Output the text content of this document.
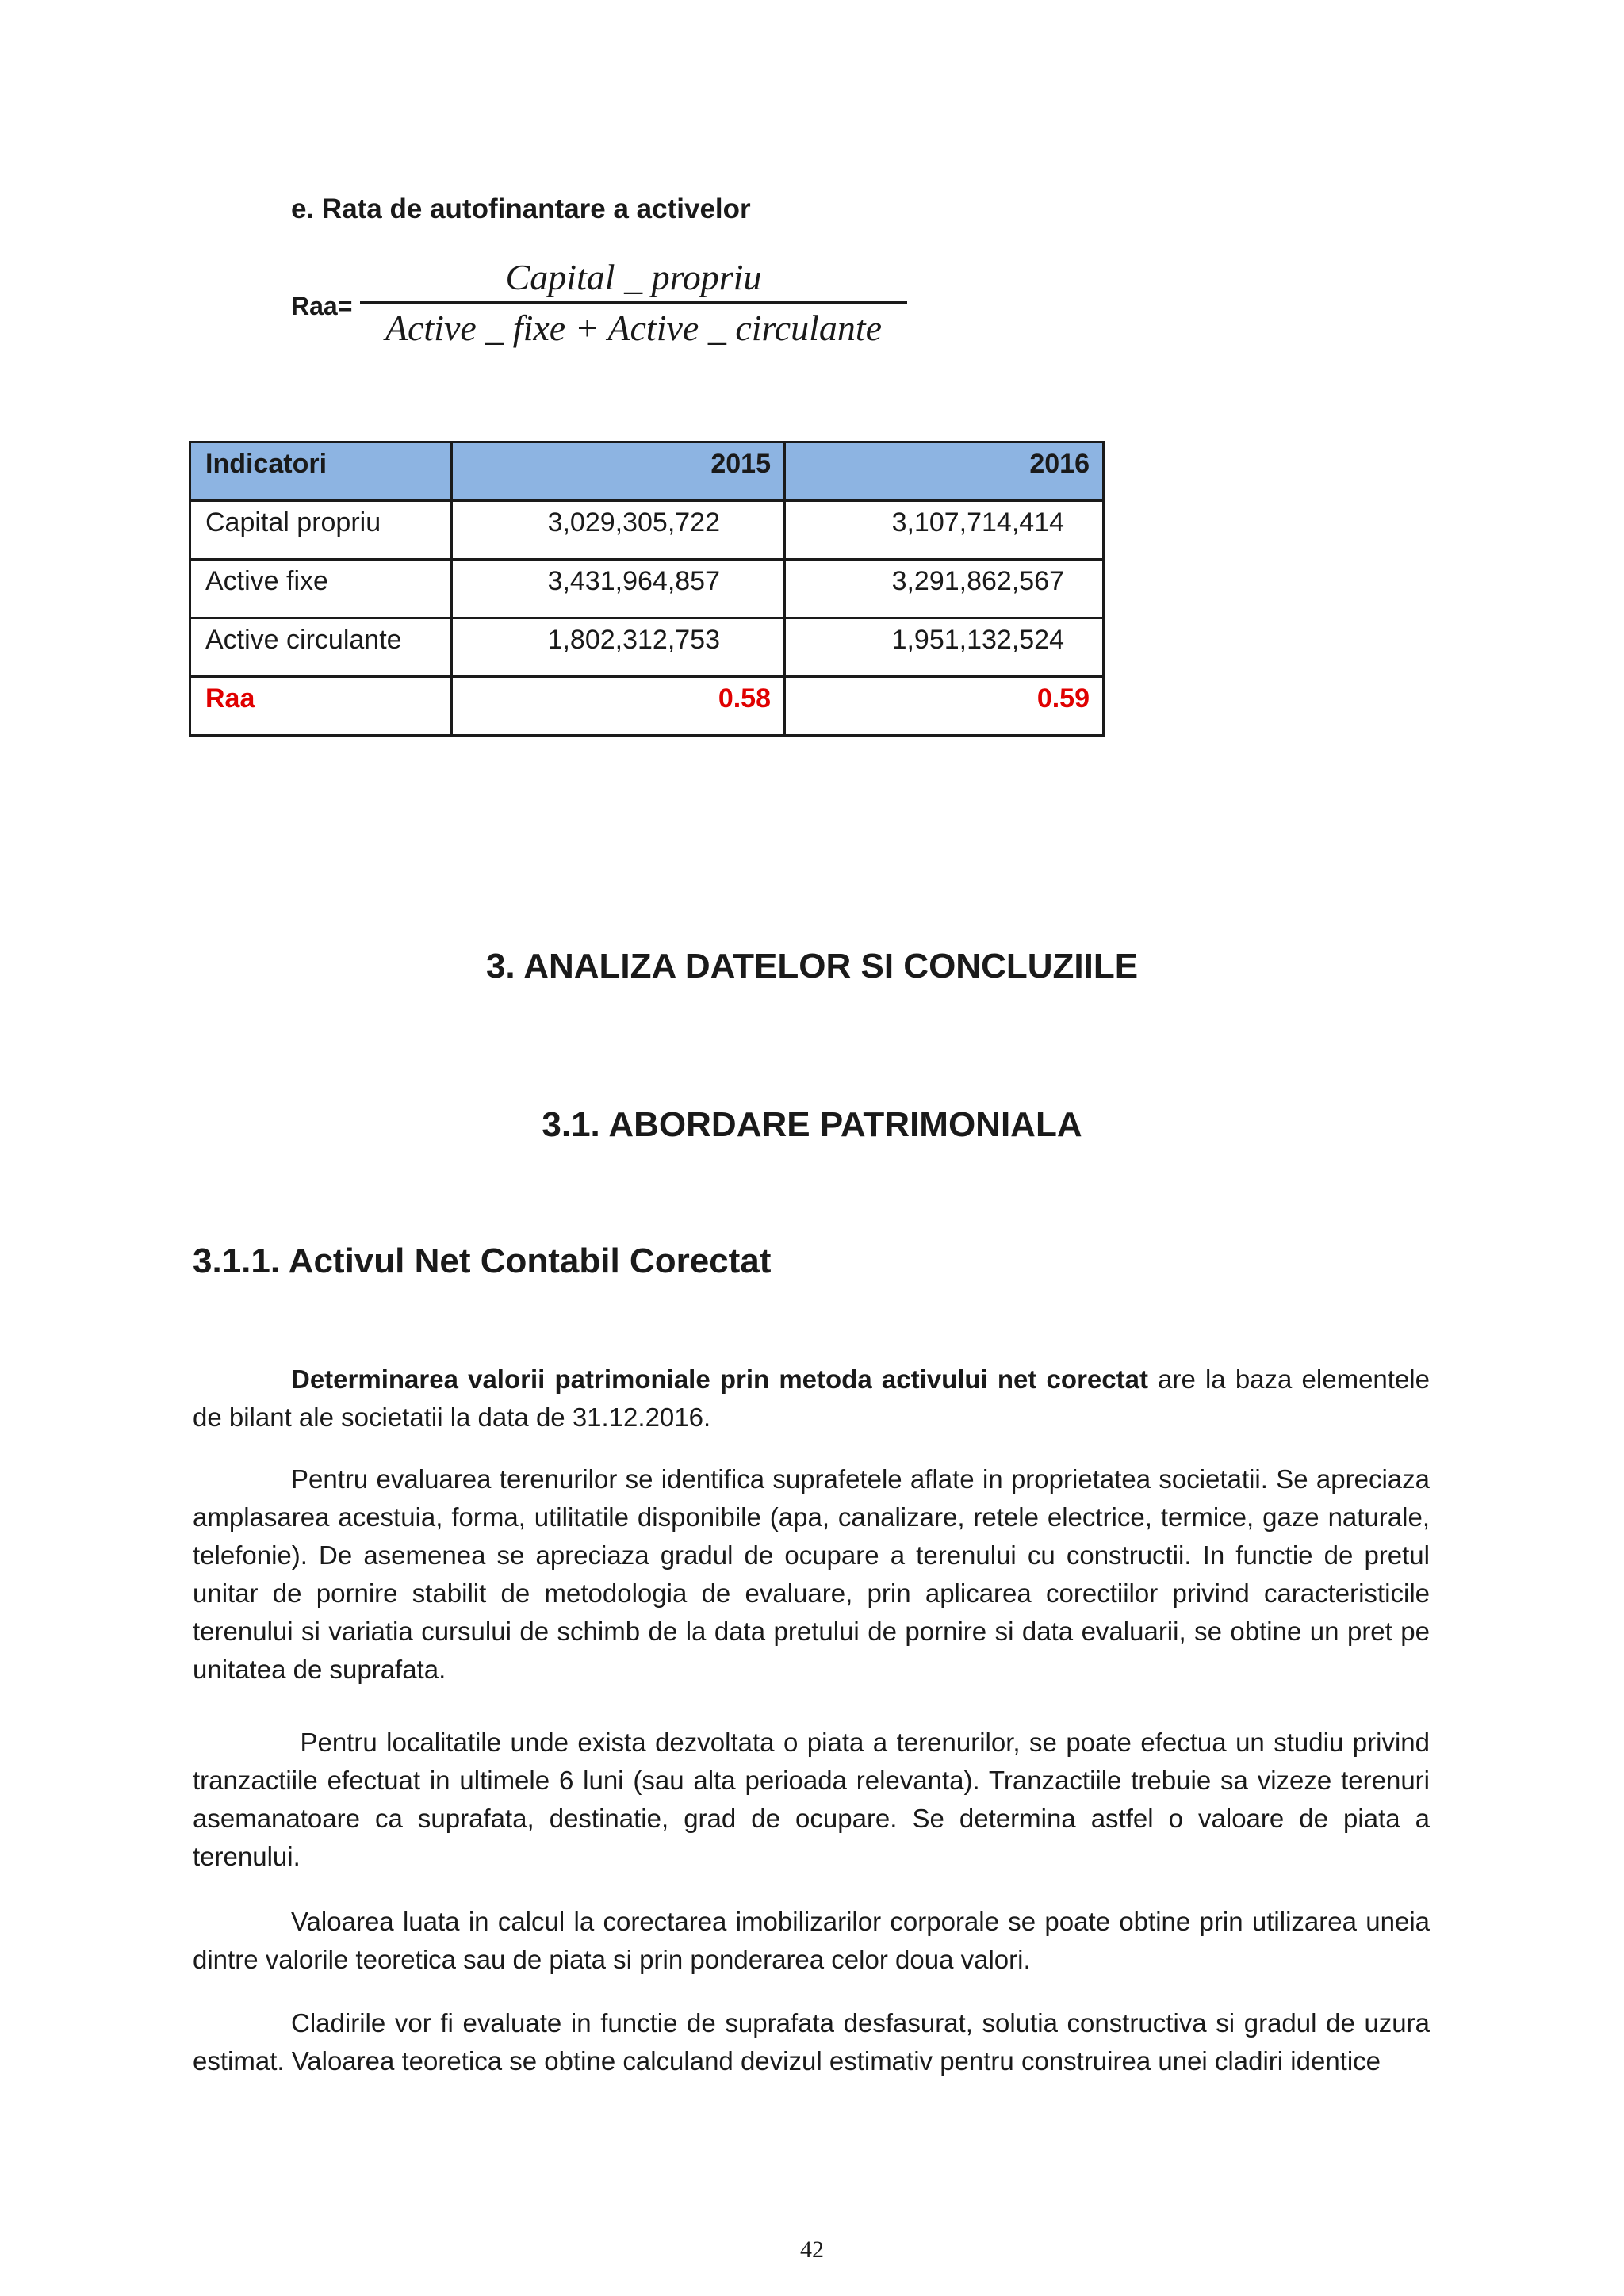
e. Rata de autofinantare a activelor
Raa=
Capital _ propriu
Active _ fixe + Active _ circulante
Indicatori	2015	2016
Capital propriu	3,029,305,722	3,107,714,414
Active fixe	3,431,964,857	3,291,862,567
Active circulante	1,802,312,753	1,951,132,524
Raa	0.58	0.59
3. ANALIZA DATELOR SI CONCLUZIILE
3.1. ABORDARE PATRIMONIALA
3.1.1. Activul Net Contabil Corectat
Determinarea valorii patrimoniale prin metoda activului net corectat are la baza elementele de bilant ale societatii la data de 31.12.2016.
Pentru evaluarea terenurilor se identifica suprafetele aflate in proprietatea societatii. Se apreciaza amplasarea acestuia, forma, utilitatile disponibile (apa, canalizare, retele electrice, termice, gaze naturale, telefonie). De asemenea se apreciaza gradul de ocupare a terenului cu constructii. In functie de pretul unitar de pornire stabilit de metodologia de evaluare, prin aplicarea corectiilor privind caracteristicile terenului si variatia cursului de schimb de la data pretului de pornire si data evaluarii, se obtine un pret pe unitatea de suprafata.
Pentru localitatile unde exista dezvoltata o piata a terenurilor, se poate efectua un studiu privind tranzactiile efectuat in ultimele 6 luni (sau alta perioada relevanta). Tranzactiile trebuie sa vizeze terenuri asemanatoare ca suprafata, destinatie, grad de ocupare. Se determina astfel o valoare de piata a terenului.
Valoarea luata in calcul la corectarea imobilizarilor corporale se poate obtine prin utilizarea uneia dintre valorile teoretica sau de piata si prin ponderarea celor doua valori.
Cladirile vor fi evaluate in functie de suprafata desfasurat, solutia constructiva si gradul de uzura estimat. Valoarea teoretica se obtine calculand devizul estimativ pentru construirea unei cladiri identice
42
